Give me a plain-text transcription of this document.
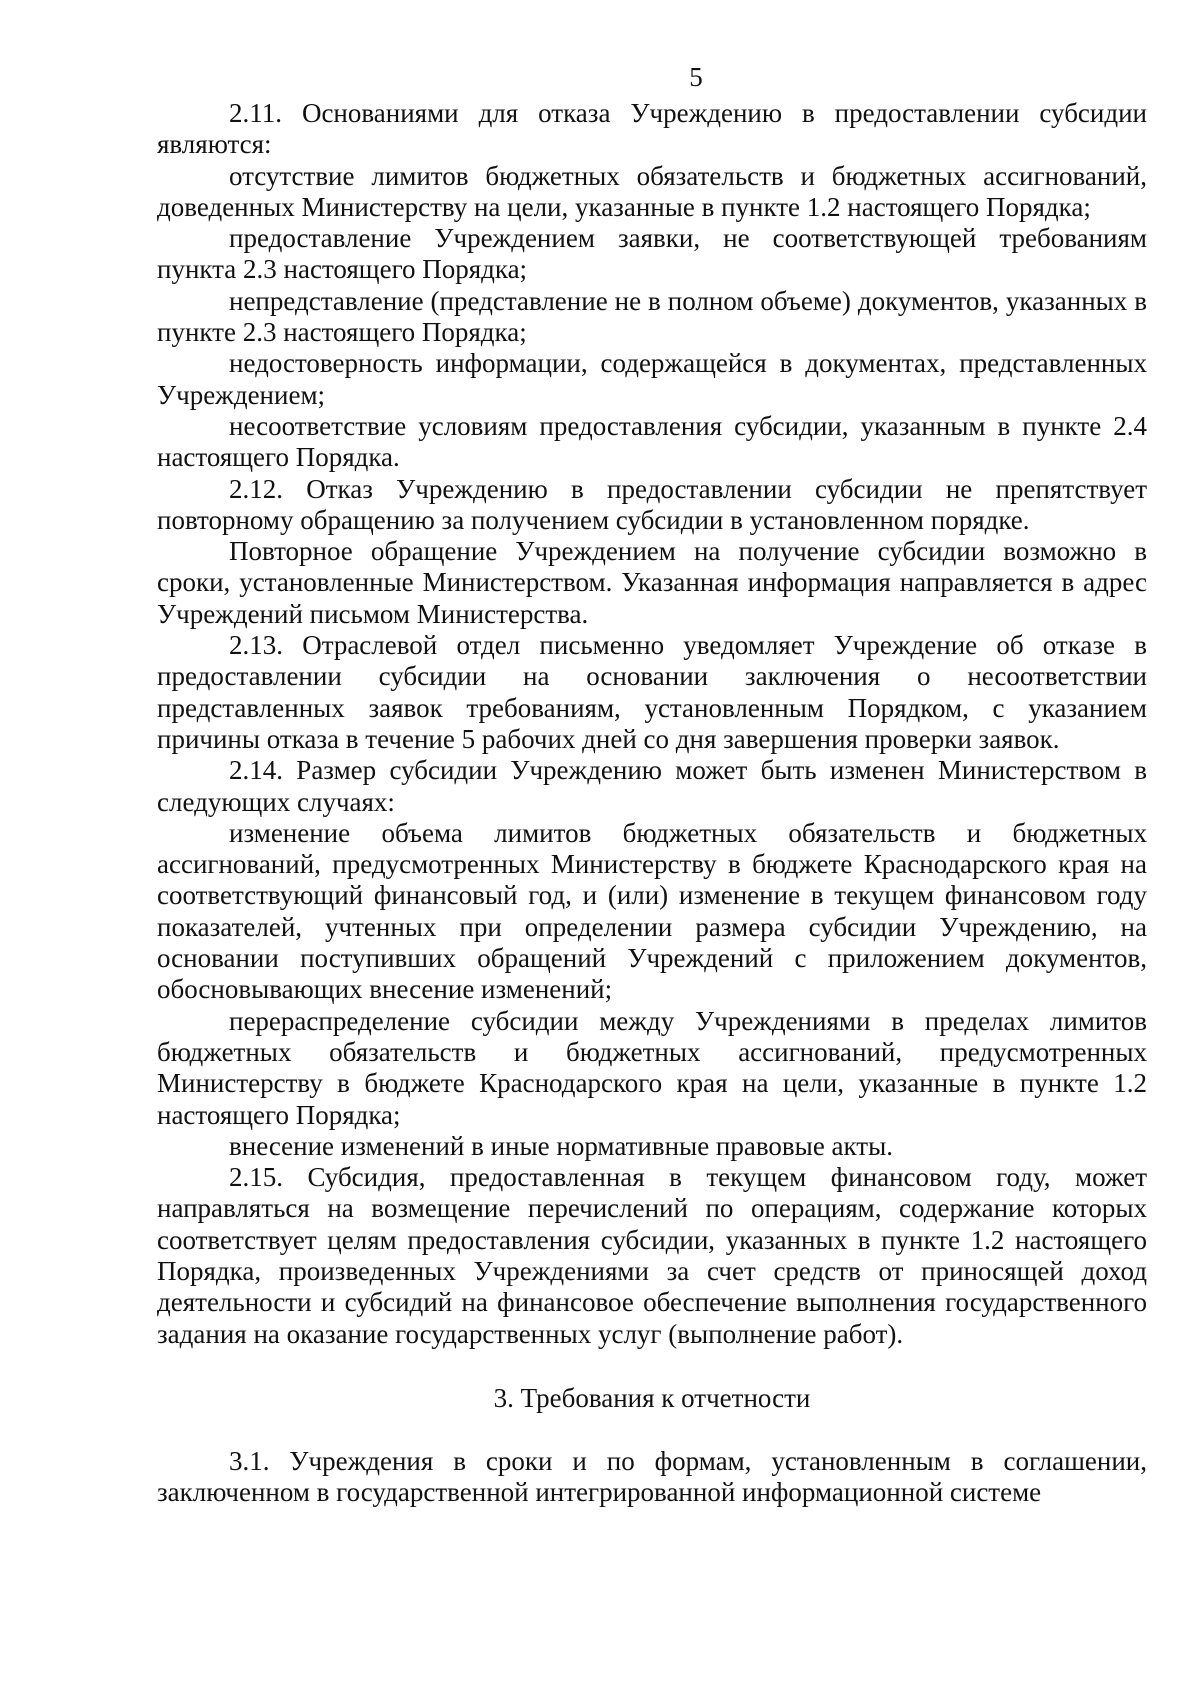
5

2.11. Основаниями для отказа Учреждению в предоставлении субсидии являются:

отсутствие лимитов бюджетных обязательств и бюджетных ассигнований, доведенных Министерству на цели, указанные в пункте 1.2 настоящего Порядка;

предоставление Учреждением заявки, не соответствующей требованиям пункта 2.3 настоящего Порядка;

непредставление (представление не в полном объеме) документов, указанных в пункте 2.3 настоящего Порядка;

недостоверность информации, содержащейся в документах, представленных Учреждением;

несоответствие условиям предоставления субсидии, указанным в пункте 2.4 настоящего Порядка.

2.12. Отказ Учреждению в предоставлении субсидии не препятствует повторному обращению за получением субсидии в установленном порядке.

Повторное обращение Учреждением на получение субсидии возможно в сроки, установленные Министерством. Указанная информация направляется в адрес Учреждений письмом Министерства.

2.13. Отраслевой отдел письменно уведомляет Учреждение об отказе в предоставлении субсидии на основании заключения о несоответствии представленных заявок требованиям, установленным Порядком, с указанием причины отказа в течение 5 рабочих дней со дня завершения проверки заявок.

2.14. Размер субсидии Учреждению может быть изменен Министерством в следующих случаях:

изменение объема лимитов бюджетных обязательств и бюджетных ассигнований, предусмотренных Министерству в бюджете Краснодарского края на соответствующий финансовый год, и (или) изменение в текущем финансовом году показателей, учтенных при определении размера субсидии Учреждению, на основании поступивших обращений Учреждений с приложением документов, обосновывающих внесение изменений;

перераспределение субсидии между Учреждениями в пределах лимитов бюджетных обязательств и бюджетных ассигнований, предусмотренных Министерству в бюджете Краснодарского края на цели, указанные в пункте 1.2 настоящего Порядка;

внесение изменений в иные нормативные правовые акты.

2.15. Субсидия, предоставленная в текущем финансовом году, может направляться на возмещение перечислений по операциям, содержание которых соответствует целям предоставления субсидии, указанных в пункте 1.2 настоящего Порядка, произведенных Учреждениями за счет средств от приносящей доход деятельности и субсидий на финансовое обеспечение выполнения государственного задания на оказание государственных услуг (выполнение работ).

3. Требования к отчетности

3.1. Учреждения в сроки и по формам, установленным в соглашении, заключенном в государственной интегрированной информационной системе
